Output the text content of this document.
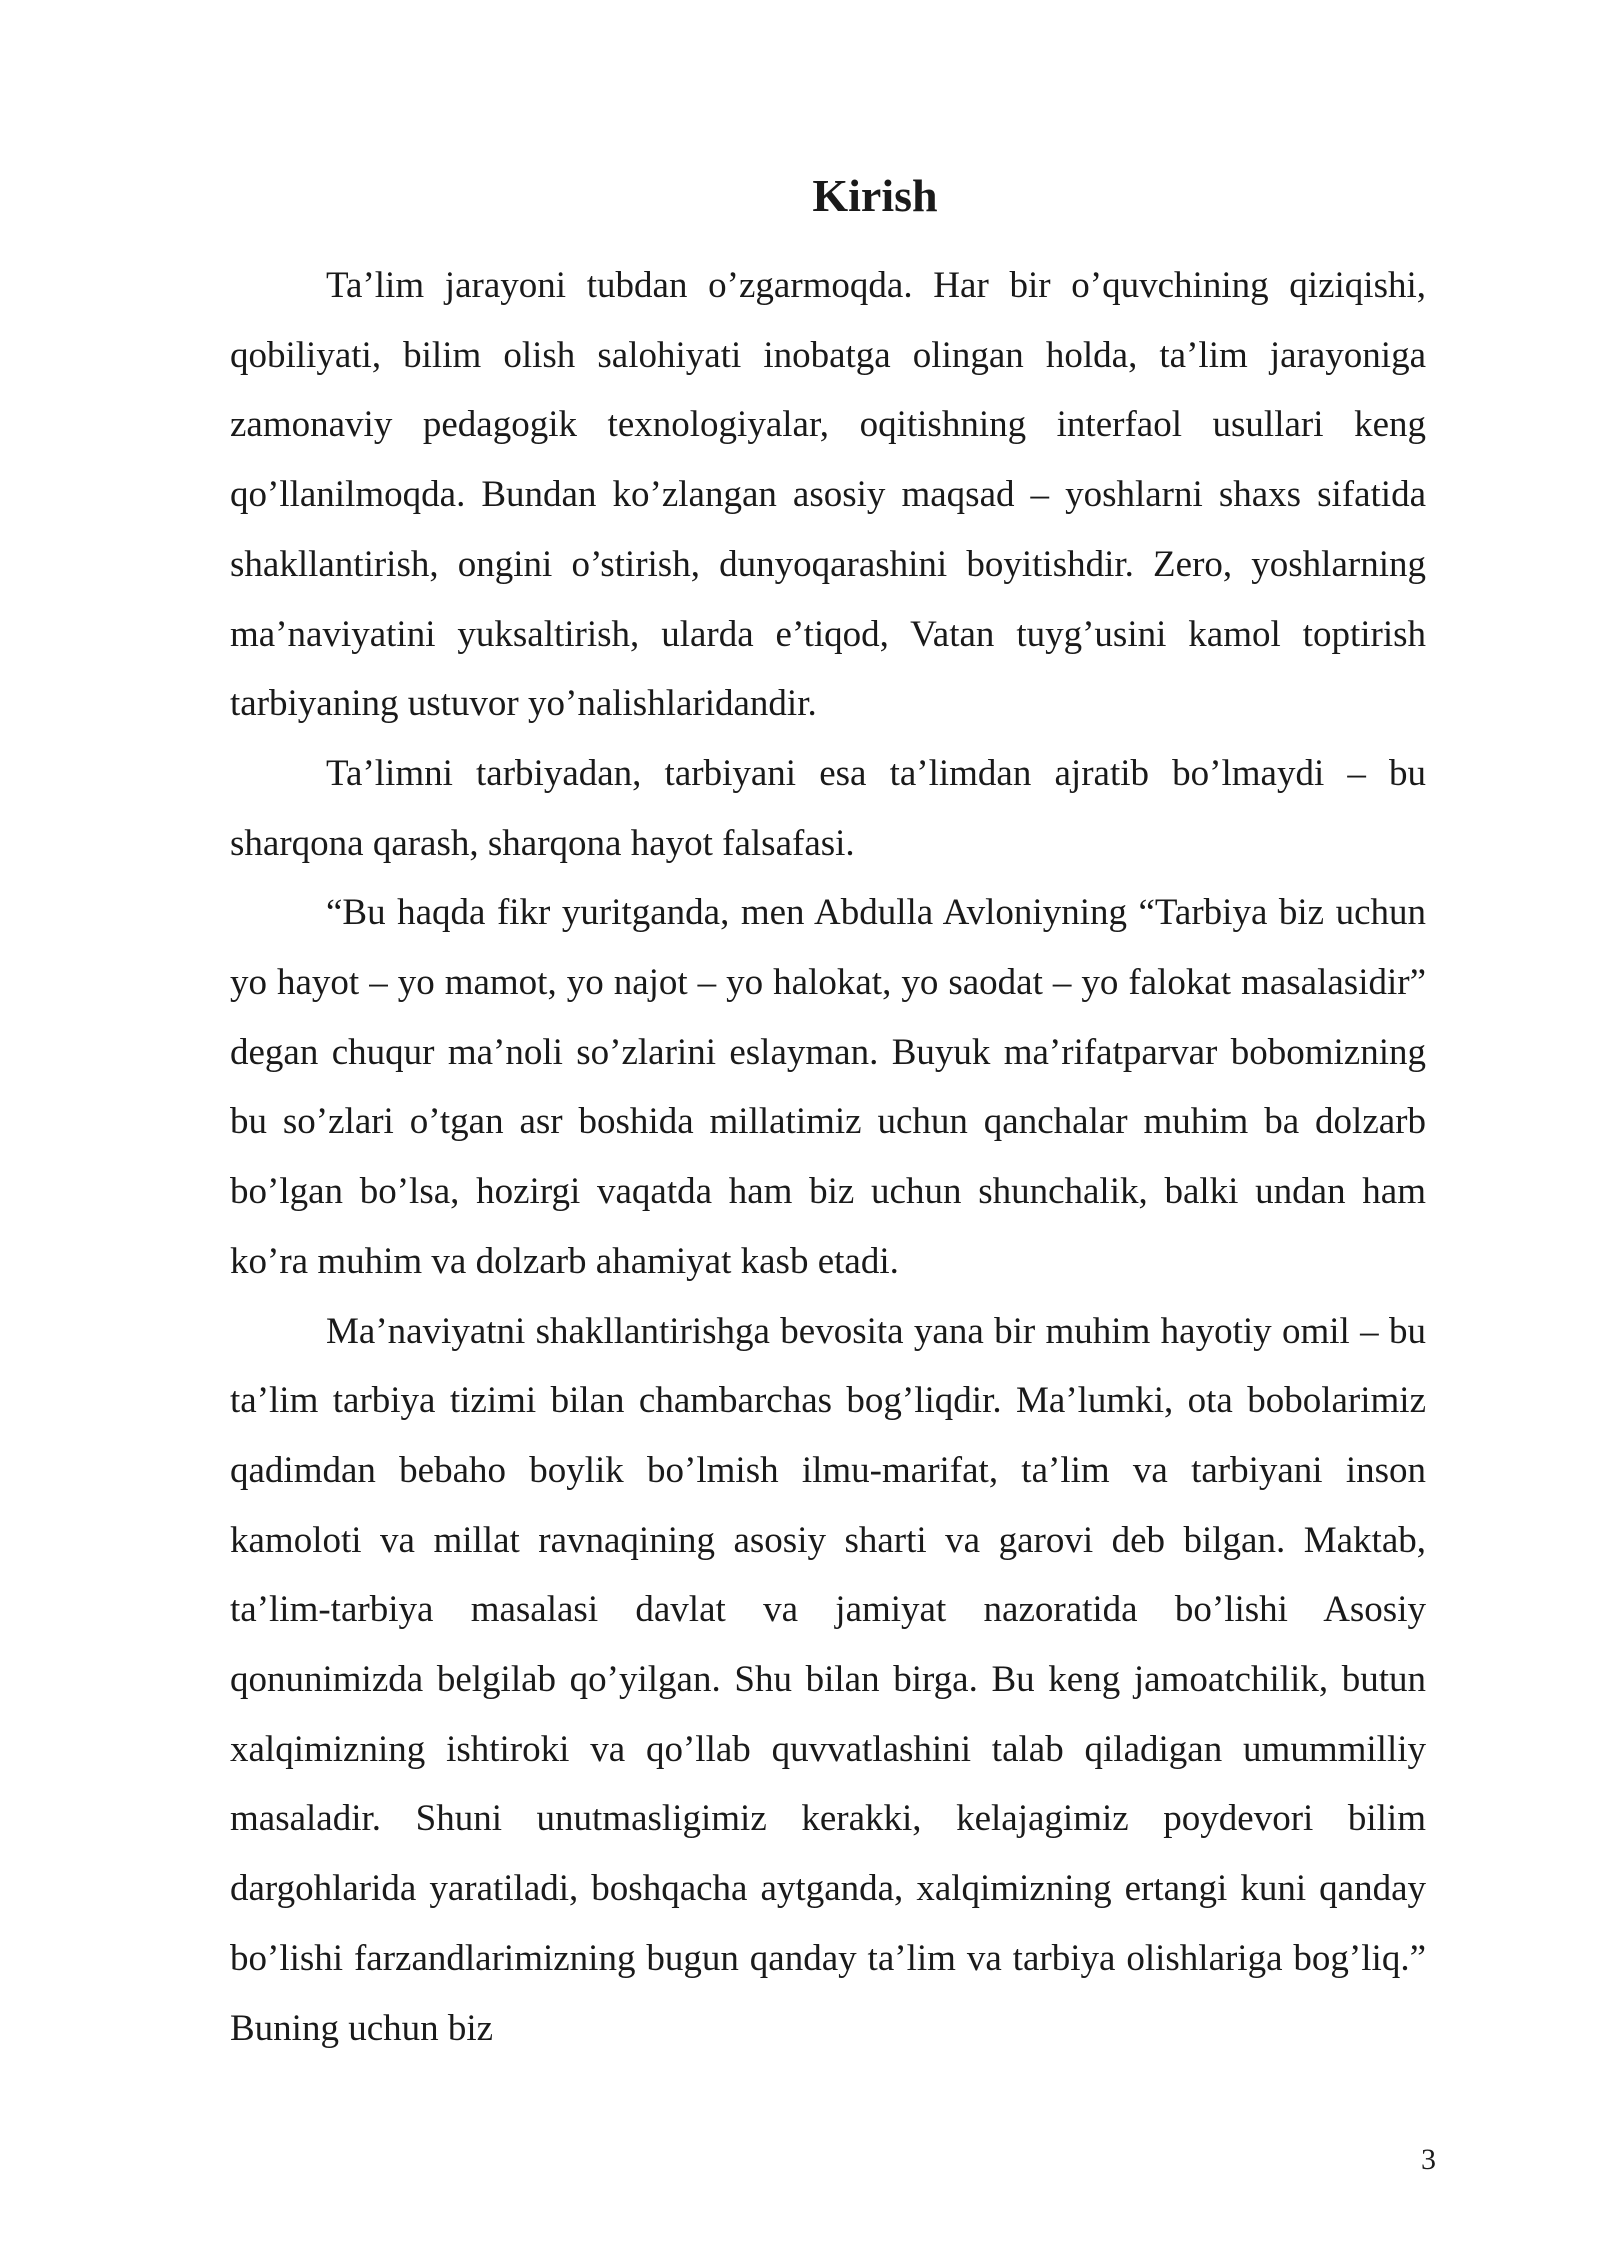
Kirish

Ta’lim jarayoni tubdan o’zgarmoqda. Har bir o’quvchining qiziqishi, qobiliyati, bilim olish salohiyati inobatga olingan holda, ta’lim jarayoniga zamonaviy pedagogik texnologiyalar, oqitishning interfaol usullari keng qo’llanilmoqda. Bundan ko’zlangan asosiy maqsad – yoshlarni shaxs sifatida shakllantirish, ongini o’stirish, dunyoqarashini boyitishdir. Zero, yoshlarning ma’naviyatini yuksaltirish, ularda e’tiqod, Vatan tuyg’usini kamol toptirish tarbiyaning ustuvor yo’nalishlaridandir.

Ta’limni tarbiyadan, tarbiyani esa ta’limdan ajratib bo’lmaydi – bu sharqona qarash, sharqona hayot falsafasi.

“Bu haqda fikr yuritganda, men Abdulla Avloniyning “Tarbiya biz uchun yo hayot – yo mamot, yo najot – yo halokat, yo saodat – yo falokat masalasidir” degan chuqur ma’noli so’zlarini eslayman. Buyuk ma’rifatparvar bobomizning bu so’zlari o’tgan asr boshida millatimiz uchun qanchalar muhim ba dolzarb bo’lgan bo’lsa, hozirgi vaqatda ham biz uchun shunchalik, balki undan ham ko’ra muhim va dolzarb ahamiyat kasb etadi.

Ma’naviyatni shakllantirishga bevosita yana bir muhim hayotiy omil – bu ta’lim tarbiya tizimi bilan chambarchas bog’liqdir. Ma’lumki, ota bobolarimiz qadimdan bebaho boylik bo’lmish ilmu-marifat, ta’lim va tarbiyani inson kamoloti va millat ravnaqining asosiy sharti va garovi deb bilgan. Maktab, ta’lim-tarbiya masalasi davlat va jamiyat nazoratida bo’lishi Asosiy qonunimizda belgilab qo’yilgan. Shu bilan birga. Bu keng jamoatchilik, butun xalqimizning ishtiroki va qo’llab quvvatlashini talab qiladigan umummilliy masaladir. Shuni unutmasligimiz kerakki, kelajagimiz poydevori bilim dargohlarida yaratiladi, boshqacha aytganda, xalqimizning ertangi kuni qanday bo’lishi farzandlarimizning bugun qanday ta’lim va tarbiya olishlariga bog’liq.” Buning uchun biz

3
